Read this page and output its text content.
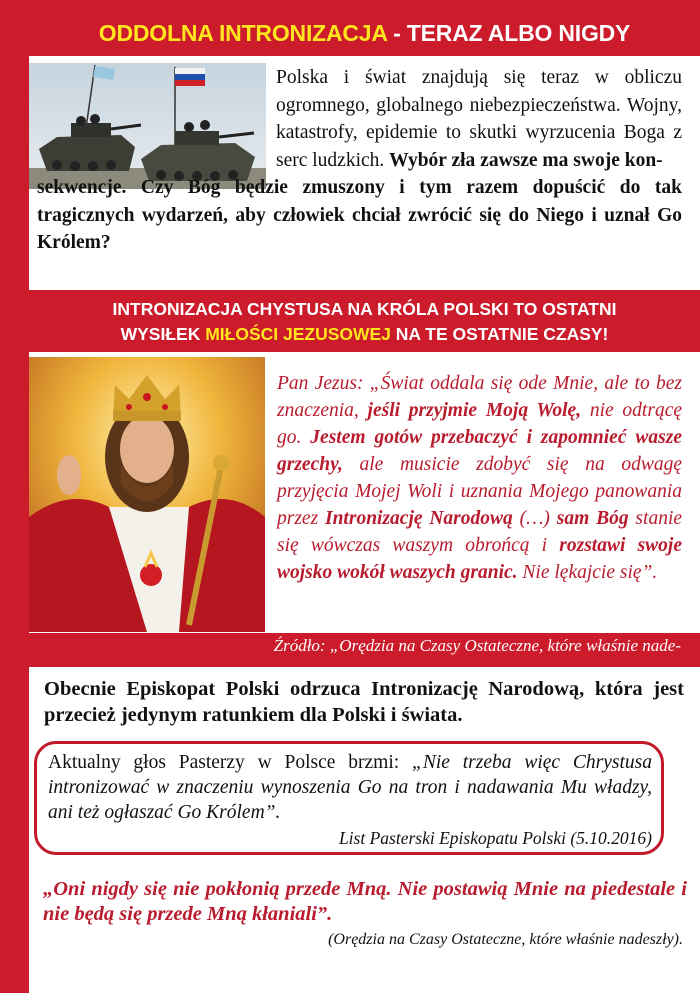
ODDOLNA INTRONIZACJA - TERAZ ALBO NIGDY
Polska i świat znajdują się teraz w obliczu ogromnego, globalnego niebezpieczeństwa. Wojny, katastrofy, epidemie to skutki wyrzucenia Boga z serc ludzkich. Wybór zła zawsze ma swoje kon-
sekwencje. Czy Bóg będzie zmuszony i tym razem dopuścić do tak tragicznych wydarzeń, aby człowiek chciał zwrócić się do Niego i uznał Go Królem?
INTRONIZACJA CHYSTUSA NA KRÓLA POLSKI TO OSTATNI
WYSIŁEK MIŁOŚCI JEZUSOWEJ NA TE OSTATNIE CZASY!
Pan Jezus: „Świat oddala się ode Mnie, ale to bez znaczenia, jeśli przyjmie Moją Wolę, nie odtrącę go. Jestem gotów przebaczyć i zapomnieć wasze grzechy, ale musicie zdobyć się na odwagę przyjęcia Mojej Woli i uznania Mojego panowania przez Intronizację Narodową (…) sam Bóg stanie się wówczas waszym obrońcą i rozstawi swoje wojsko wokół waszych granic. Nie lękajcie się”.
Źródło: „Orędzia na Czasy Ostateczne, które właśnie nade-
Obecnie Episkopat Polski odrzuca Intronizację Narodową, która jest przecież jedynym ratunkiem dla Polski i świata.
Aktualny głos Pasterzy w Polsce brzmi: „Nie trzeba więc Chrystusa intronizować w znaczeniu wynoszenia Go na tron i nadawania Mu władzy, ani też ogłaszać Go Królem”.
List Pasterski Episkopatu Polski (5.10.2016)
„Oni nigdy się nie pokłonią przede Mną. Nie postawią Mnie na piedestale i nie będą się przede Mną kłaniali”.
(Orędzia na Czasy Ostateczne, które właśnie nadeszły).
